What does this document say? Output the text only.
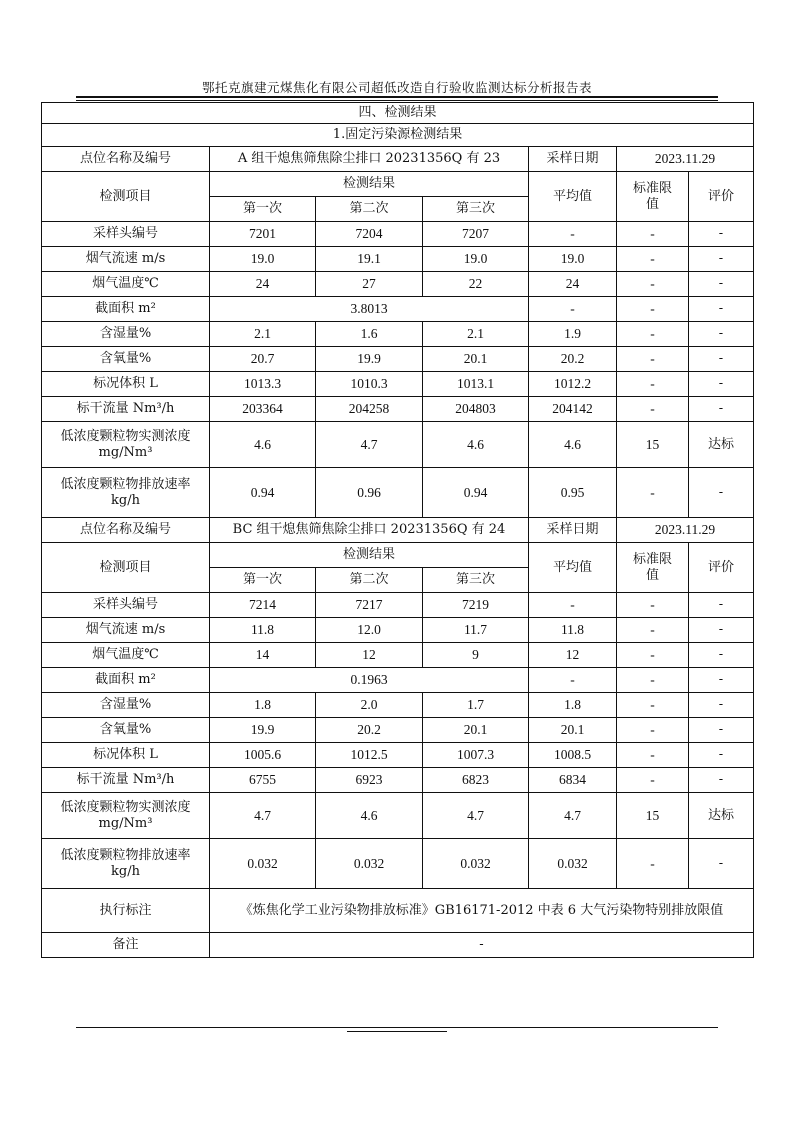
鄂托克旗建元煤焦化有限公司超低改造自行验收监测达标分析报告表
四、检测结果						
1.固定污染源检测结果						
点位名称及编号	A 组干熄焦筛焦除尘排口 20231356Q 有 23			采样日期	2023.11.29	
检测项目	检测结果			平均值	标准限值	评价
	第一次	第二次	第三次			
采样头编号	7201	7204	7207	-	-	-
烟气流速 m/s	19.0	19.1	19.0	19.0	-	-
烟气温度℃	24	27	22	24	-	-
截面积 m²	3.8013			-	-	-
含湿量%	2.1	1.6	2.1	1.9	-	-
含氧量%	20.7	19.9	20.1	20.2	-	-
标况体积 L	1013.3	1010.3	1013.1	1012.2	-	-
标干流量 Nm³/h	203364	204258	204803	204142	-	-
低浓度颗粒物实测浓度 mg/Nm³	4.6	4.7	4.6	4.6	15	达标
低浓度颗粒物排放速率 kg/h	0.94	0.96	0.94	0.95	-	-
点位名称及编号	BC 组干熄焦筛焦除尘排口 20231356Q 有 24			采样日期	2023.11.29	
检测项目	检测结果			平均值	标准限值	评价
	第一次	第二次	第三次			
采样头编号	7214	7217	7219	-	-	-
烟气流速 m/s	11.8	12.0	11.7	11.8	-	-
烟气温度℃	14	12	9	12	-	-
截面积 m²	0.1963			-	-	-
含湿量%	1.8	2.0	1.7	1.8	-	-
含氧量%	19.9	20.2	20.1	20.1	-	-
标况体积 L	1005.6	1012.5	1007.3	1008.5	-	-
标干流量 Nm³/h	6755	6923	6823	6834	-	-
低浓度颗粒物实测浓度 mg/Nm³	4.7	4.6	4.7	4.7	15	达标
低浓度颗粒物排放速率 kg/h	0.032	0.032	0.032	0.032	-	-
执行标注	《炼焦化学工业污染物排放标准》GB16171-2012 中表 6 大气污染物特别排放限值					
备注	-					
